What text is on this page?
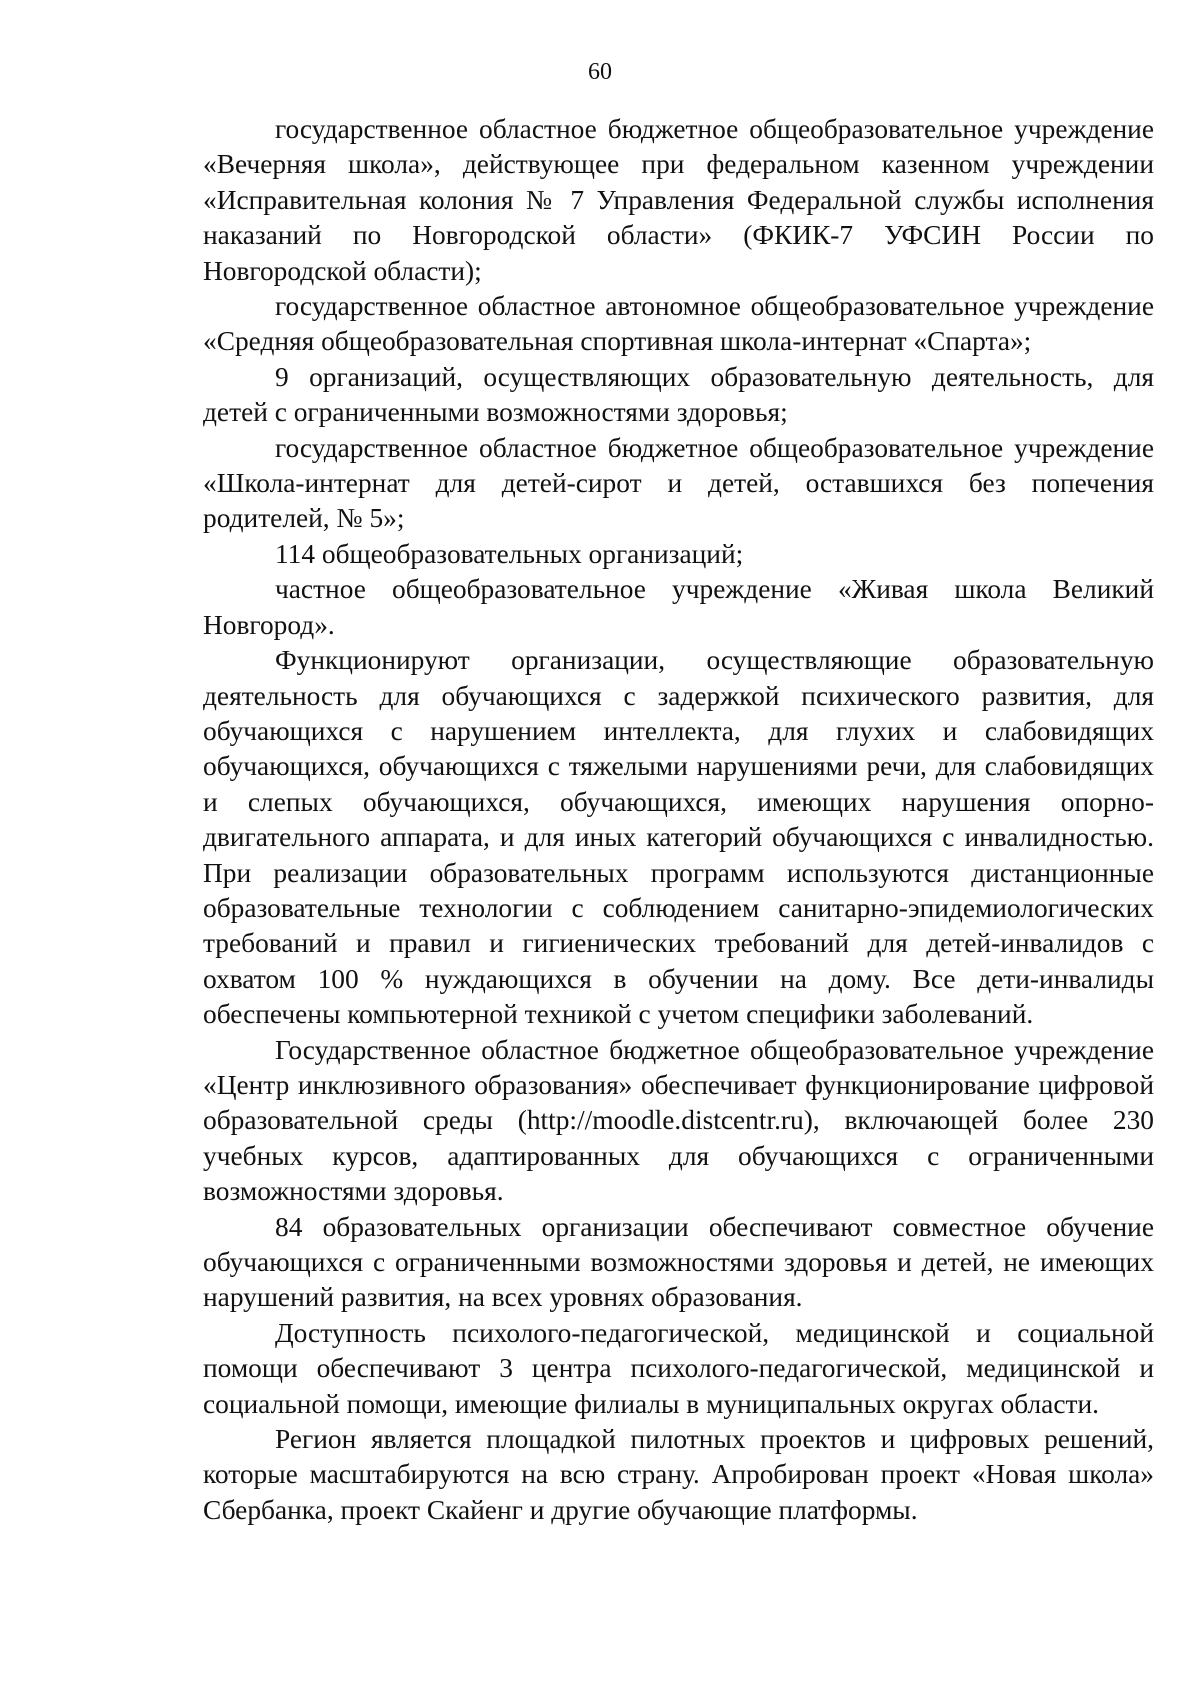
60

государственное областное бюджетное общеобразовательное учреждение «Вечерняя школа», действующее при федеральном казенном учреждении «Исправительная колония № 7 Управления Федеральной службы исполнения наказаний по Новгородской области» (ФКИК-7 УФСИН России по Новгородской области);

государственное областное автономное общеобразовательное учреждение «Средняя общеобразовательная спортивная школа-интернат «Спарта»;

9 организаций, осуществляющих образовательную деятельность, для детей с ограниченными возможностями здоровья;

государственное областное бюджетное общеобразовательное учреждение «Школа-интернат для детей-сирот и детей, оставшихся без попечения родителей, № 5»;

114 общеобразовательных организаций;

частное общеобразовательное учреждение «Живая школа Великий Новгород».

Функционируют организации, осуществляющие образовательную деятельность для обучающихся с задержкой психического развития, для обучающихся с нарушением интеллекта, для глухих и слабовидящих обучающихся, обучающихся с тяжелыми нарушениями речи, для слабовидящих и слепых обучающихся, обучающихся, имеющих нарушения опорно-двигательного аппарата, и для иных категорий обучающихся с инвалидностью. При реализации образовательных программ используются дистанционные образовательные технологии с соблюдением санитарно-эпидемиологических требований и правил и гигиенических требований для детей-инвалидов с охватом 100 % нуждающихся в обучении на дому. Все дети-инвалиды обеспечены компьютерной техникой с учетом специфики заболеваний.

Государственное областное бюджетное общеобразовательное учреждение «Центр инклюзивного образования» обеспечивает функционирование цифровой образовательной среды (http://moodle.distcentr.ru), включающей более 230 учебных курсов, адаптированных для обучающихся с ограниченными возможностями здоровья.

84 образовательных организации обеспечивают совместное обучение обучающихся с ограниченными возможностями здоровья и детей, не имеющих нарушений развития, на всех уровнях образования.

Доступность психолого-педагогической, медицинской и социальной помощи обеспечивают 3 центра психолого-педагогической, медицинской и социальной помощи, имеющие филиалы в муниципальных округах области.

Регион является площадкой пилотных проектов и цифровых решений, которые масштабируются на всю страну. Апробирован проект «Новая школа» Сбербанка, проект Скайенг и другие обучающие платформы.
